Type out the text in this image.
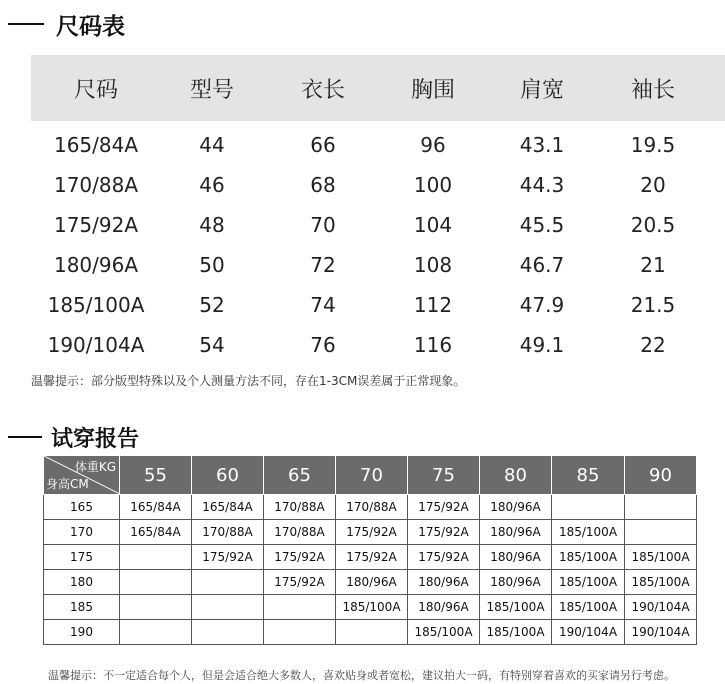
尺码表
尺码	型号	衣长	胸围	肩宽	袖长
165/84A	44	66	96	43.1	19.5
170/88A	46	68	100	44.3	20
175/92A	48	70	104	45.5	20.5
180/96A	50	72	108	46.7	21
185/100A	52	74	112	47.9	21.5
190/104A	54	76	116	49.1	22
温馨提示：部分版型特殊以及个人测量方法不同，存在1-3CM误差属于正常现象。
试穿报告
体重KG
身高CM	55	60	65	70	75	80	85	90
165	165/84A	165/84A	170/88A	170/88A	175/92A	180/96A		
170	165/84A	170/88A	170/88A	175/92A	175/92A	180/96A	185/100A	
175		175/92A	175/92A	175/92A	175/92A	180/96A	185/100A	185/100A
180			175/92A	180/96A	180/96A	180/96A	185/100A	185/100A
185				185/100A	180/96A	185/100A	185/100A	190/104A
190					185/100A	185/100A	190/104A	190/104A
温馨提示：不一定适合每个人，但是会适合绝大多数人，喜欢贴身或者宽松，建议拍大一码，有特别穿着喜欢的买家请另行考虑。
